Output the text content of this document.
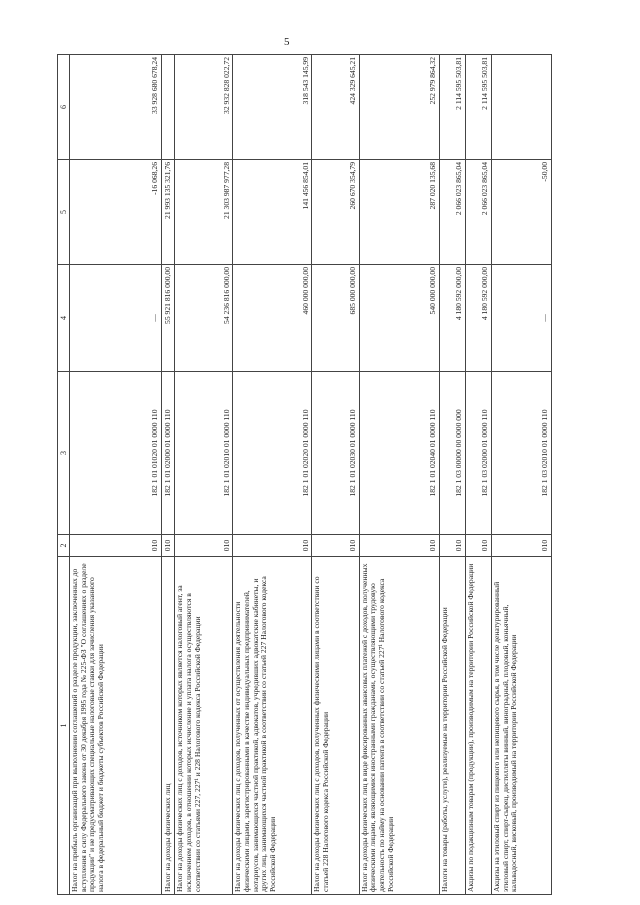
5
1	2	3	4	5	6
Налог на прибыль организаций при выполнении соглашений о разделе продукции, заключенных до вступления в силу Федерального закона от 30 декабря 1995 года № 225-ФЗ "О соглашениях о разделе продукции" и не предусматривающих специальные налоговые ставки для зачисления указанного налога в федеральный бюджет и бюджеты субъектов Российской Федерации	010	182 1 01 01020 01 0000 110	—	-16 068,26	33 928 680 678,24
Налог на доходы физических лиц	010	182 1 01 02000 01 0000 110	55 921 816 000,00	21 993 135 321,76	
Налог на доходы физических лиц с доходов, источником которых является налоговый агент, за исключением доходов, в отношении которых исчисление и уплата налога осуществляются в соответствии со статьями 227, 227¹ и 228 Налогового кодекса Российской Федерации	010	182 1 01 02010 01 0000 110	54 236 816 000,00	21 303 987 977,28	32 932 828 022,72
Налог на доходы физических лиц с доходов, полученных от осуществления деятельности физическими лицами, зарегистрированными в качестве индивидуальных предпринимателей, нотариусов, занимающихся частной практикой, адвокатов, учредивших адвокатские кабинеты, и других лиц, занимающихся частной практикой в соответствии со статьей 227 Налогового кодекса Российской Федерации	010	182 1 01 02020 01 0000 110	460 000 000,00	141 456 854,01	318 543 145,99
Налог на доходы физических лиц с доходов, полученных физическими лицами в соответствии со статьей 228 Налогового кодекса Российской Федерации	010	182 1 01 02030 01 0000 110	685 000 000,00	260 670 354,79	424 329 645,21
Налог на доходы физических лиц в виде фиксированных авансовых платежей с доходов, полученных физическими лицами, являющимися иностранными гражданами, осуществляющими трудовую деятельность по найму на основании патента в соответствии со статьей 227¹ Налогового кодекса Российской Федерации	010	182 1 01 02040 01 0000 110	540 000 000,00	287 020 135,68	252 979 864,32
Налоги на товары (работы, услуги), реализуемые на территории Российской Федерации	010	182 1 03 00000 00 0000 000	4 180 592 000,00	2 066 023 865,04	2 114 595 503,81
Акцизы по подакцизным товарам (продукции), производимым на территории Российской Федерации	010	182 1 03 02000 01 0000 110	4 180 592 000,00	2 066 023 865,04	2 114 595 503,81
Акцизы на этиловый спирт из пищевого или непищевого сырья, в том числе денатурированный этиловый спирт, спирт-сырец, дистилляты винный, виноградный, плодовый, коньячный, кальвадосный, висковый, производимый на территории Российской Федерации	010	182 1 03 02010 01 0000 110	—	-50,00	
